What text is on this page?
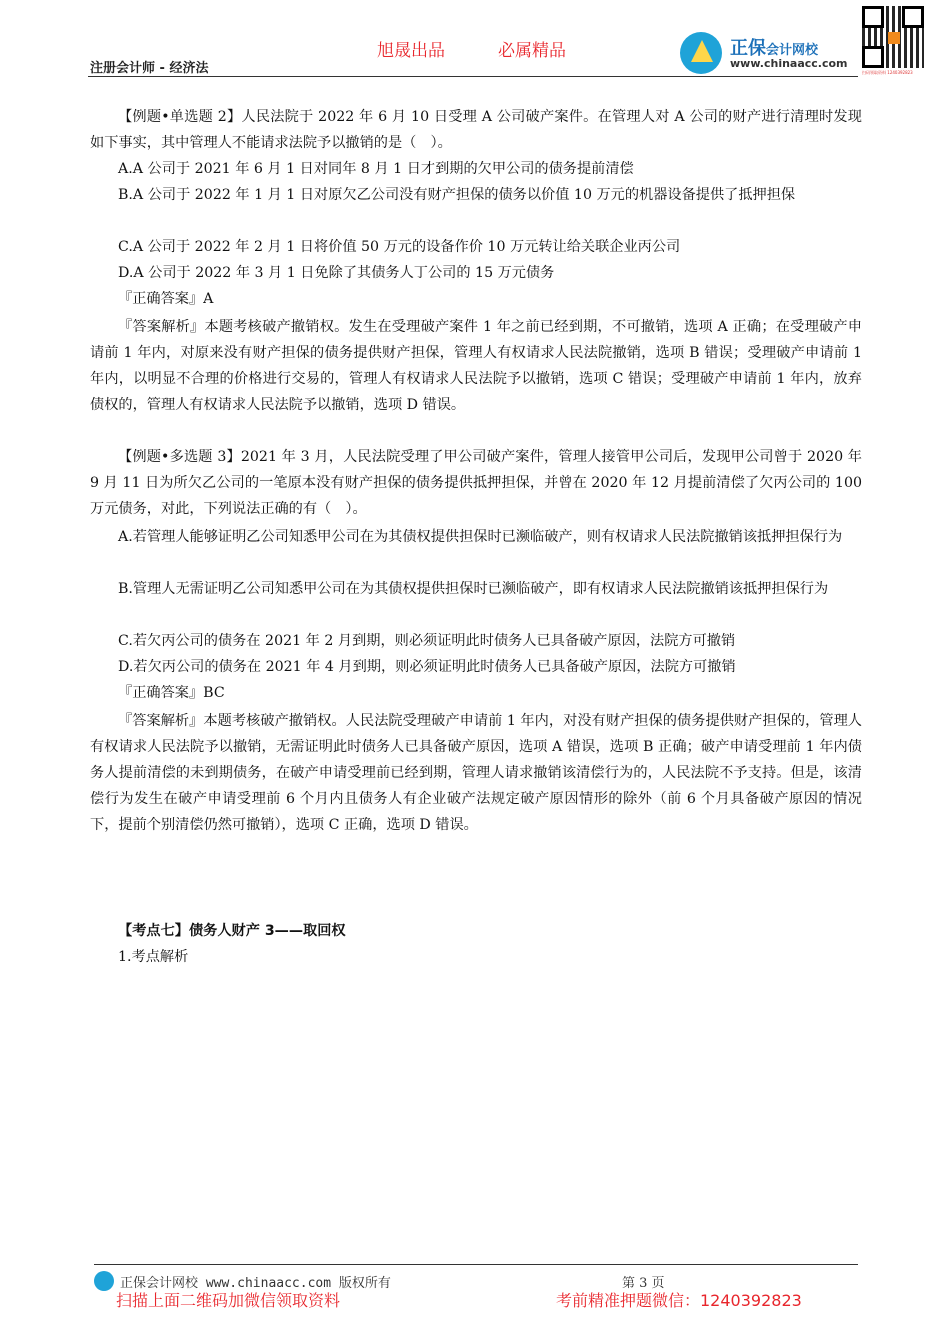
注册会计师 - 经济法
旭晟出品	必属精品	正保会计网校
www.chinaacc.com
扫码领取资料 1240392823
【例题•单选题 2】人民法院于 2022 年 6 月 10 日受理 A 公司破产案件。在管理人对 A 公司的财产进行清理时发现如下事实，其中管理人不能请求法院予以撤销的是（　）。
A.A 公司于 2021 年 6 月 1 日对同年 8 月 1 日才到期的欠甲公司的债务提前清偿
B.A 公司于 2022 年 1 月 1 日对原欠乙公司没有财产担保的债务以价值 10 万元的机器设备提供了抵押担保
C.A 公司于 2022 年 2 月 1 日将价值 50 万元的设备作价 10 万元转让给关联企业丙公司
D.A 公司于 2022 年 3 月 1 日免除了其债务人丁公司的 15 万元债务
『正确答案』A
『答案解析』本题考核破产撤销权。发生在受理破产案件 1 年之前已经到期，不可撤销，选项 A 正确；在受理破产申请前 1 年内，对原来没有财产担保的债务提供财产担保，管理人有权请求人民法院撤销，选项 B 错误；受理破产申请前 1 年内，以明显不合理的价格进行交易的，管理人有权请求人民法院予以撤销，选项 C 错误；受理破产申请前 1 年内，放弃债权的，管理人有权请求人民法院予以撤销，选项 D 错误。
【例题•多选题 3】2021 年 3 月，人民法院受理了甲公司破产案件，管理人接管甲公司后，发现甲公司曾于 2020 年 9 月 11 日为所欠乙公司的一笔原本没有财产担保的债务提供抵押担保，并曾在 2020 年 12 月提前清偿了欠丙公司的 100 万元债务，对此，下列说法正确的有（　）。
A.若管理人能够证明乙公司知悉甲公司在为其债权提供担保时已濒临破产，则有权请求人民法院撤销该抵押担保行为
B.管理人无需证明乙公司知悉甲公司在为其债权提供担保时已濒临破产，即有权请求人民法院撤销该抵押担保行为
C.若欠丙公司的债务在 2021 年 2 月到期，则必须证明此时债务人已具备破产原因，法院方可撤销
D.若欠丙公司的债务在 2021 年 4 月到期，则必须证明此时债务人已具备破产原因，法院方可撤销
『正确答案』BC
『答案解析』本题考核破产撤销权。人民法院受理破产申请前 1 年内，对没有财产担保的债务提供财产担保的，管理人有权请求人民法院予以撤销，无需证明此时债务人已具备破产原因，选项 A 错误，选项 B 正确；破产申请受理前 1 年内债务人提前清偿的未到期债务，在破产申请受理前已经到期，管理人请求撤销该清偿行为的，人民法院不予支持。但是，该清偿行为发生在破产申请受理前 6 个月内且债务人有企业破产法规定破产原因情形的除外（前 6 个月具备破产原因的情况下，提前个别清偿仍然可撤销），选项 C 正确，选项 D 错误。
【考点七】债务人财产 3——取回权
1.考点解析
正保会计网校 www.chinaacc.com 版权所有	第 3 页
扫描上面二维码加微信领取资料	考前精准押题微信：1240392823
